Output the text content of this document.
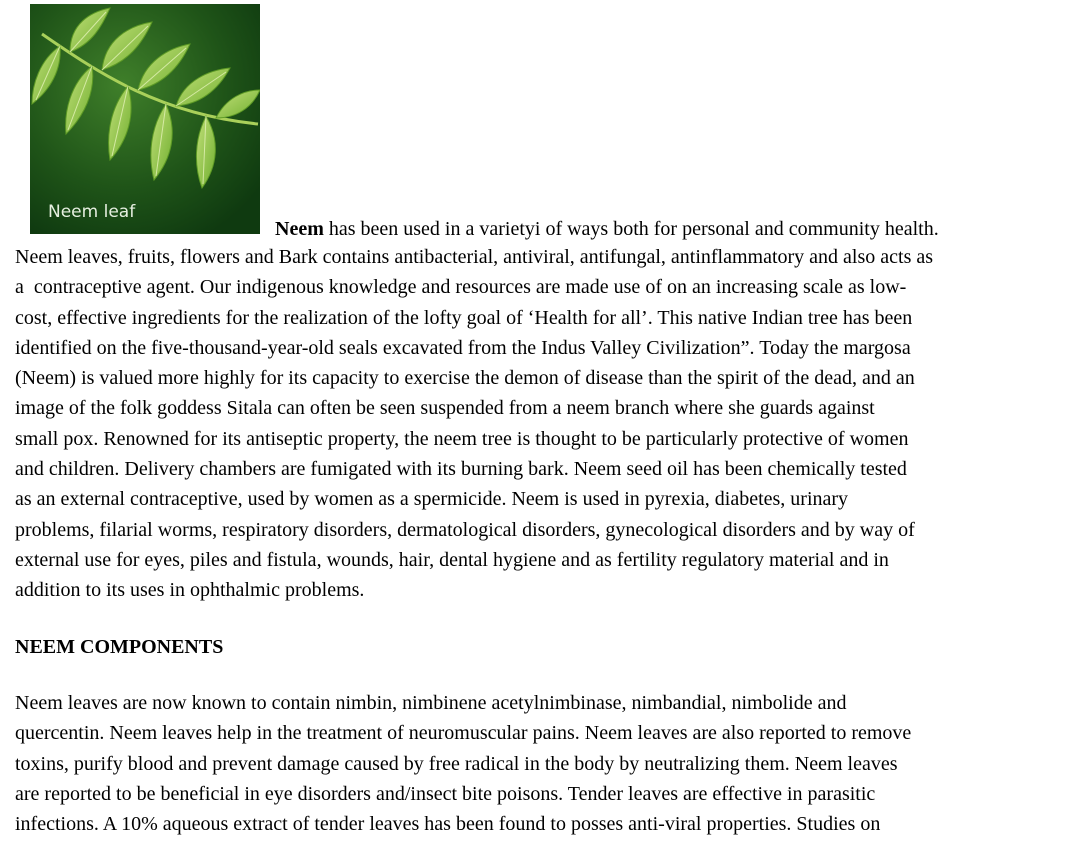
Neem leaf
Neem has been used in a varietyi of ways both for personal and community health.
Neem leaves, fruits, flowers and Bark contains antibacterial, antiviral, antifungal, antinflammatory and also acts as
a  contraceptive agent. Our indigenous knowledge and resources are made use of on an increasing scale as low-
cost, effective ingredients for the realization of the lofty goal of ‘Health for all’. This native Indian tree has been
identified on the five-thousand-year-old seals excavated from the Indus Valley Civilization”. Today the margosa
(Neem) is valued more highly for its capacity to exercise the demon of disease than the spirit of the dead, and an
image of the folk goddess Sitala can often be seen suspended from a neem branch where she guards against
small pox. Renowned for its antiseptic property, the neem tree is thought to be particularly protective of women
and children. Delivery chambers are fumigated with its burning bark. Neem seed oil has been chemically tested
as an external contraceptive, used by women as a spermicide. Neem is used in pyrexia, diabetes, urinary
problems, filarial worms, respiratory disorders, dermatological disorders, gynecological disorders and by way of
external use for eyes, piles and fistula, wounds, hair, dental hygiene and as fertility regulatory material and in
addition to its uses in ophthalmic problems.
NEEM COMPONENTS
Neem leaves are now known to contain nimbin, nimbinene acetylnimbinase, nimbandial, nimbolide and
quercentin. Neem leaves help in the treatment of neuromuscular pains. Neem leaves are also reported to remove
toxins, purify blood and prevent damage caused by free radical in the body by neutralizing them. Neem leaves
are reported to be beneficial in eye disorders and/insect bite poisons. Tender leaves are effective in parasitic
infections. A 10% aqueous extract of tender leaves has been found to posses anti-viral properties. Studies on
